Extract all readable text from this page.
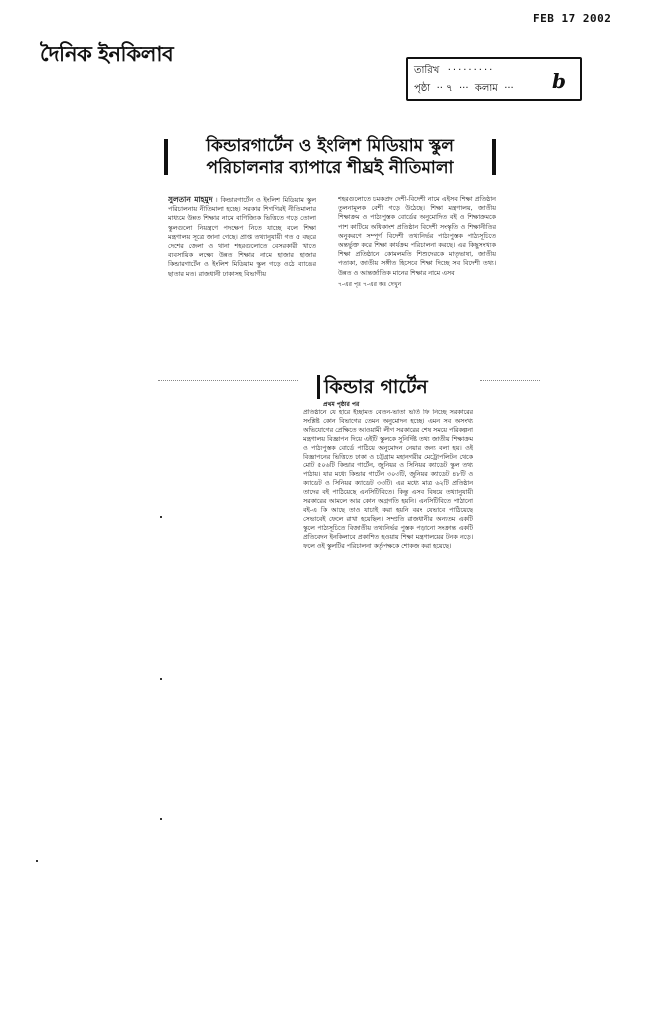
FEB 17 2002
দৈনিক ইনকিলাব
তারিখ  ·········
পৃষ্ঠা  ·· ৭  ···  কলাম  ··· b
কিন্ডারগার্টেন ও ইংলিশ মিডিয়াম স্কুল
পরিচালনার ব্যাপারে শীঘ্রই নীতিমালা
সুলতান মাহমুদ । কিন্ডারগার্টেন ও ইংলিশ মিডিয়াম স্কুল পরিচালনায় নীতিমালা হচ্ছে। সরকার শিগগিরই নীতিমালার মাধ্যমে উন্নত শিক্ষার নামে বাণিজ্যিক ভিত্তিতে গড়ে তোলা স্কুলগুলো নিয়ন্ত্রণে পদক্ষেপ নিতে যাচ্ছে বলে শিক্ষা মন্ত্রণালয় সূত্রে জানা গেছে। প্রাপ্ত তথ্যানুযায়ী গত ৫ বছরে দেশের জেলা ও থানা শহরগুলোতে বেসরকারী খাতে ব্যবসায়িক লক্ষ্যে উন্নত শিক্ষার নামে হাজার হাজার কিন্ডারগার্টেন ও ইংলিশ মিডিয়াম স্কুল গড়ে ওঠে ব্যাঙের ছাতার মত। রাজধানী ঢাকাসহ বিভাগীয়
শহরগুলোতে চমকপ্রদ দেশী-বিদেশী নামে এইসব শিক্ষা প্রতিষ্ঠান তুলনামূলক বেশী গড়ে উঠেছে। শিক্ষা মন্ত্রণালয়, জাতীয় শিক্ষাক্রম ও পাঠ্যপুস্তক বোর্ডের অনুমোদিত বই ও শিক্ষাক্রমকে পাশ কাটিয়ে অধিকাংশ প্রতিষ্ঠান বিদেশী সংস্কৃতি ও শিক্ষানীতির অনুকরণে সম্পূর্ণ বিদেশী তথ্যনির্ভর পাঠ্যপুস্তক পাঠ্যসূচিতে অন্তর্ভুক্ত করে শিক্ষা কার্যক্রম পরিচালনা করছে। এর কিছুসংখ্যক শিক্ষা প্রতিষ্ঠানে কোমলমতি শিশুদেরকে মাতৃভাষা, জাতীয় পতাকা, জাতীয় সঙ্গীত হিসেবে শিক্ষা দিচ্ছে সব বিদেশী তথ্য। উন্নত ও আন্তর্জাতিক মানের শিক্ষার নামে এসব
৭-এর পৃঃ ৭-এর কঃ দেখুন
কিন্ডার গার্টেন
প্রথম পৃষ্ঠার পর
প্রতিষ্ঠানে যে হারে ইচ্ছামত বেতন-ভাতা ভর্তি ফি নিচ্ছে সরকারের সংশ্লিষ্ট কোন বিভাগের তেমন অনুমোদন হচ্ছে। এমন সব অসংখ্য অভিযোগের প্রেক্ষিতে আওয়ামী লীগ সরকারের শেষ সময়ে পরিকল্পনা মন্ত্রণালয় বিজ্ঞাপন দিয়ে এইটি স্কুলকে সুনির্দিষ্ট তথ্য জাতীয় শিক্ষাক্রম ও পাঠ্যপুস্তক বোর্ডে পাঠিয়ে অনুমোদন নেয়ার জন্য বলা হয়। ওই বিজ্ঞাপনের ভিত্তিতে ঢাকা ও চট্টগ্রাম মহানগরীর মেট্রোপলিটন থেকে মোট ৫০৬টি কিন্ডার গার্টেন, জুনিয়র ও সিনিয়র ক্যাডেট স্কুল তথ্য পাঠায়। যার মধ্যে কিন্ডার গার্টেন ৩০৩টি, জুনিয়র ক্যাডেট ৪৮টি ও ক্যাডেট ও সিনিয়র ক্যাডেট ৩৩টি। এর মধ্যে মাত্র ৬২টি প্রতিষ্ঠান তাদের বই পাঠিয়েছে এনসিটিবিতে। কিন্তু এসব বিষয়ে তথ্যানুযায়ী সরকারের আমলে আর কোন অগ্রগতি হয়নি। এনসিটিবিতে পাঠানো বই-এ কি আছে তাও যাচাই করা হয়নি বরং যেভাবে পাঠিয়েছে সেভাবেই ফেলে রাখা হয়েছিল। সম্প্রতি রাজধানীর অন্যতম একটি স্কুলে পাঠ্যসূচিতে বিজাতীয় তথ্যনির্ভর পুস্তক পড়ানো সংক্রান্ত একটি প্রতিবেদন ইনকিলাবে প্রকাশিত হওয়ায় শিক্ষা মন্ত্রণালয়ের টনক নড়ে। ফলে ওই স্কুলটির পরিচালনা কর্তৃপক্ষকে শোকজ করা হয়েছে।
